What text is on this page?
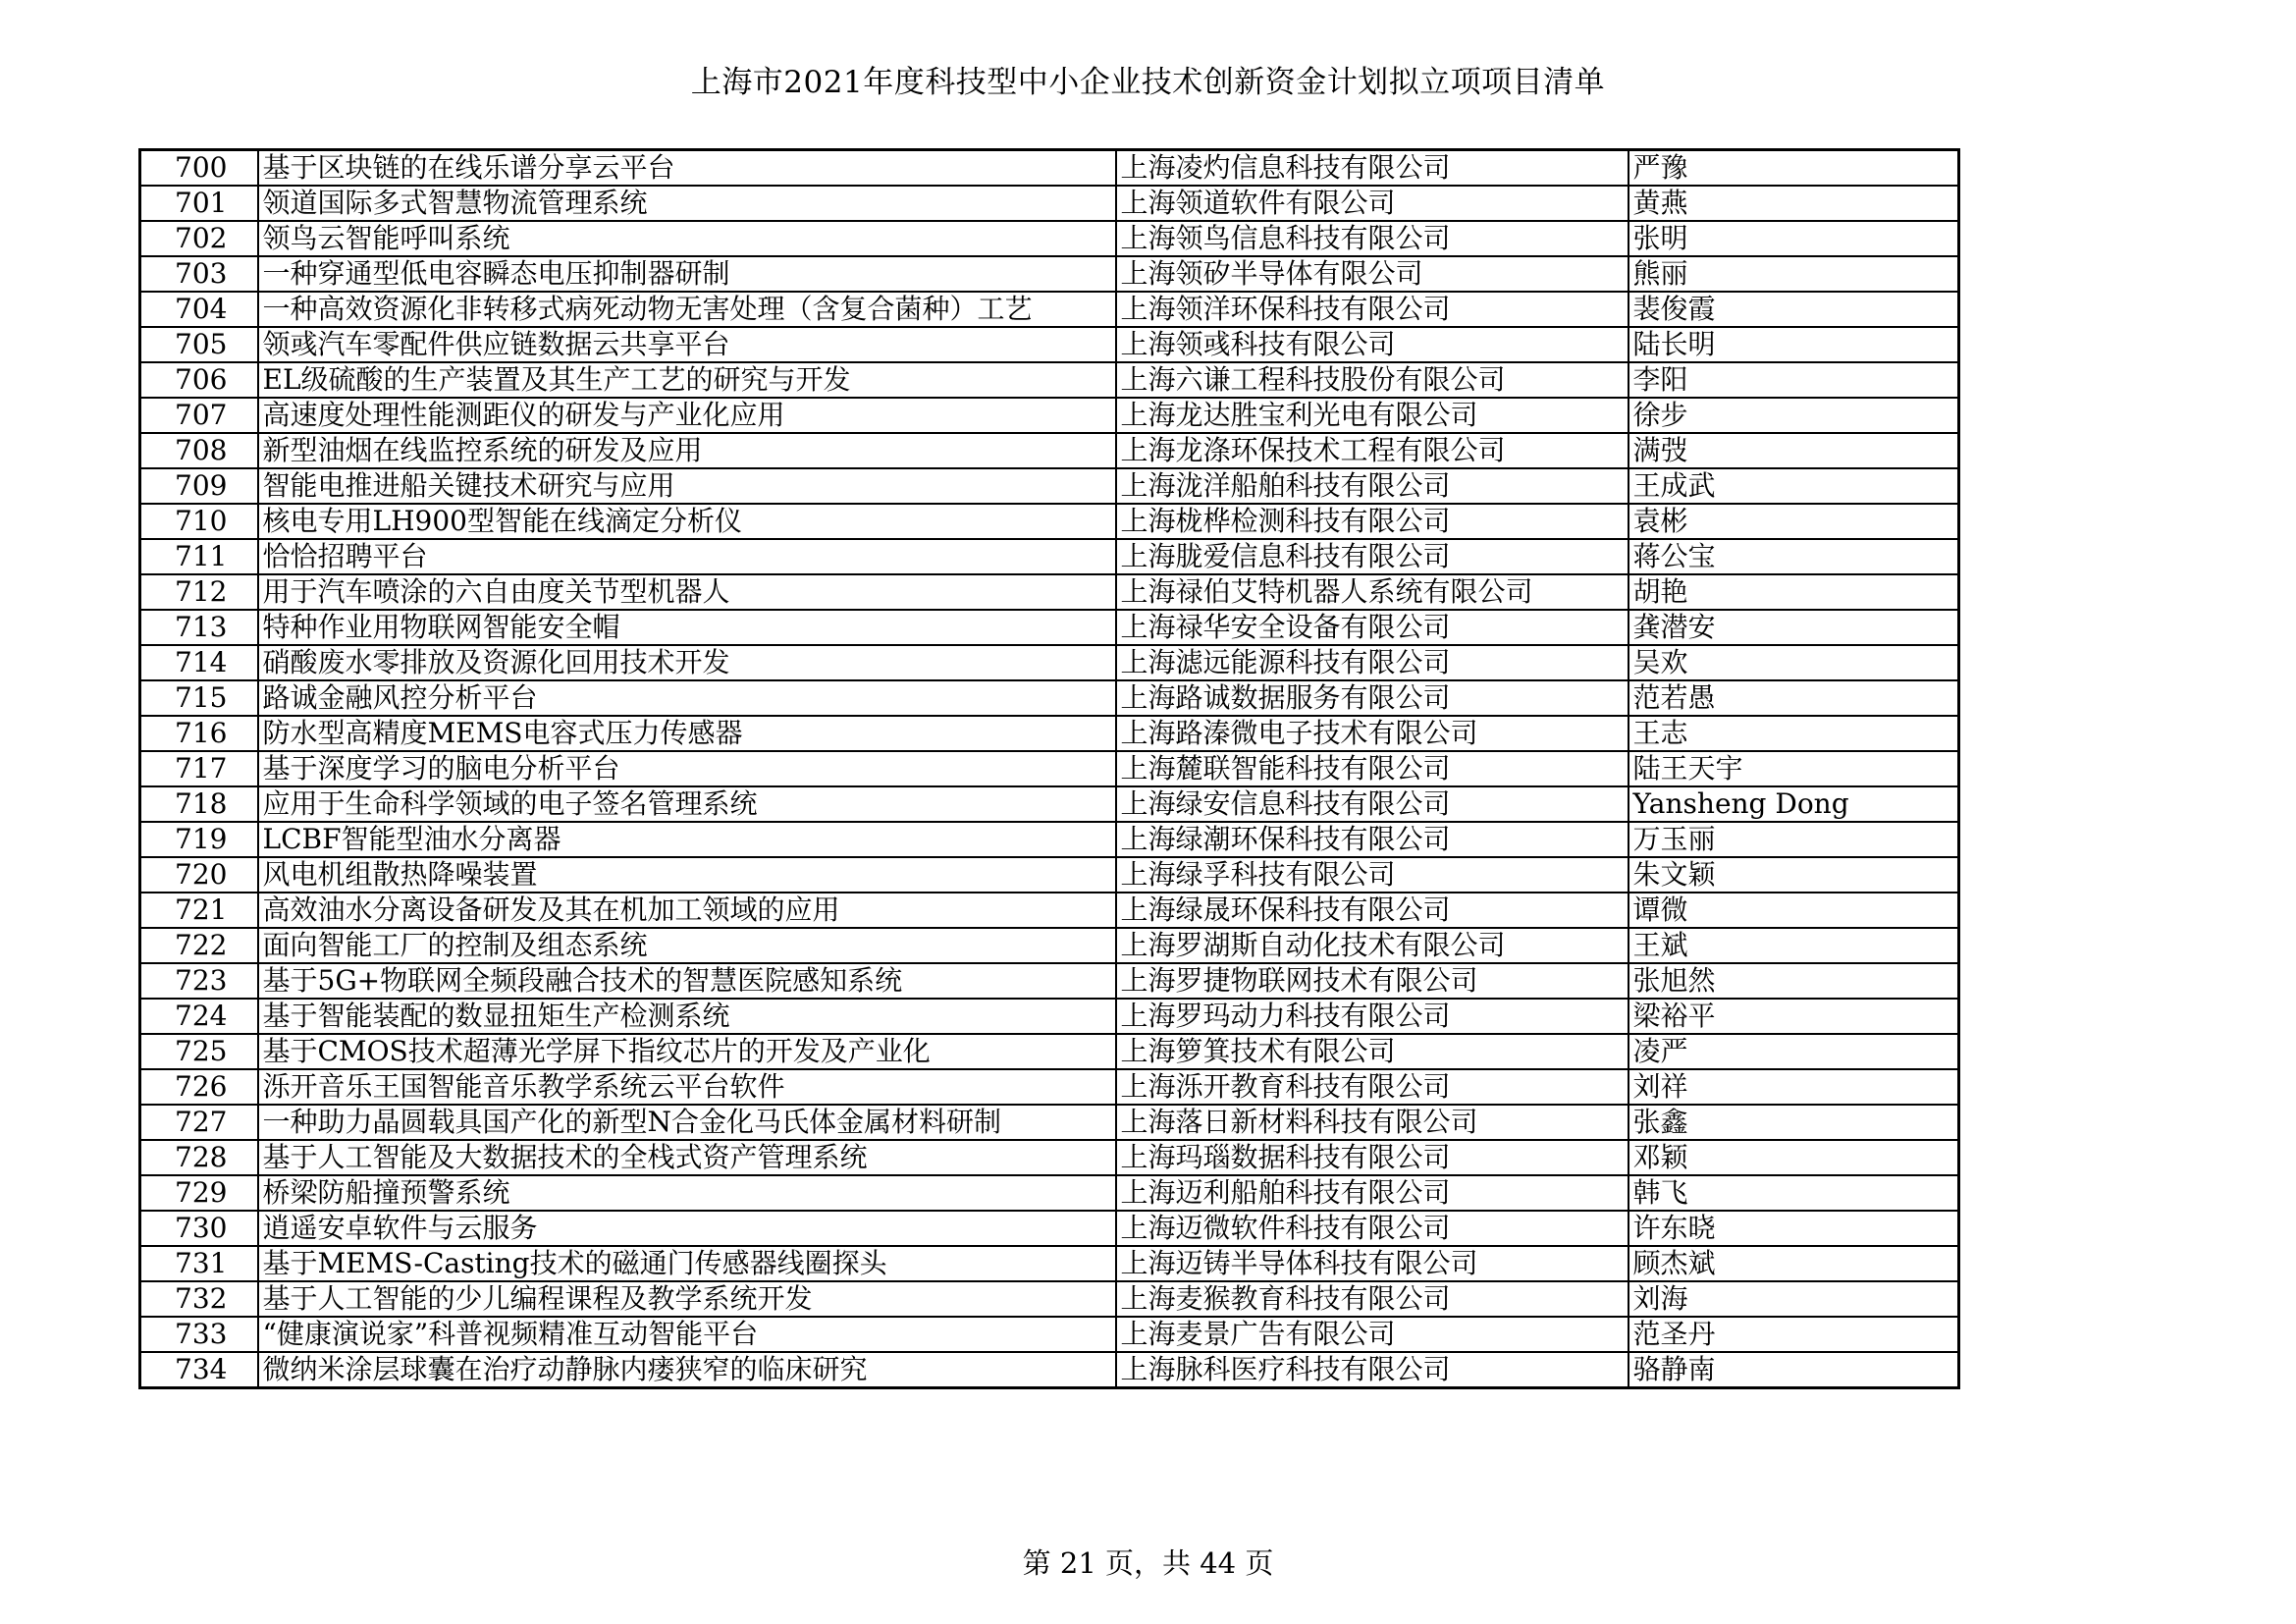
上海市2021年度科技型中小企业技术创新资金计划拟立项项目清单
700	基于区块链的在线乐谱分享云平台	上海凌灼信息科技有限公司	严豫
701	领道国际多式智慧物流管理系统	上海领道软件有限公司	黄燕
702	领鸟云智能呼叫系统	上海领鸟信息科技有限公司	张明
703	一种穿通型低电容瞬态电压抑制器研制	上海领矽半导体有限公司	熊丽
704	一种高效资源化非转移式病死动物无害处理（含复合菌种）工艺	上海领洋环保科技有限公司	裴俊霞
705	领彧汽车零配件供应链数据云共享平台	上海领彧科技有限公司	陆长明
706	EL级硫酸的生产装置及其生产工艺的研究与开发	上海六谦工程科技股份有限公司	李阳
707	高速度处理性能测距仪的研发与产业化应用	上海龙达胜宝利光电有限公司	徐步
708	新型油烟在线监控系统的研发及应用	上海龙涤环保技术工程有限公司	满弢
709	智能电推进船关键技术研究与应用	上海泷洋船舶科技有限公司	王成武
710	核电专用LH900型智能在线滴定分析仪	上海栊桦检测科技有限公司	袁彬
711	恰恰招聘平台	上海胧爱信息科技有限公司	蒋公宝
712	用于汽车喷涂的六自由度关节型机器人	上海禄伯艾特机器人系统有限公司	胡艳
713	特种作业用物联网智能安全帽	上海禄华安全设备有限公司	龚潜安
714	硝酸废水零排放及资源化回用技术开发	上海滤远能源科技有限公司	吴欢
715	路诚金融风控分析平台	上海路诚数据服务有限公司	范若愚
716	防水型高精度MEMS电容式压力传感器	上海路溱微电子技术有限公司	王志
717	基于深度学习的脑电分析平台	上海麓联智能科技有限公司	陆王天宇
718	应用于生命科学领域的电子签名管理系统	上海绿安信息科技有限公司	Yansheng Dong
719	LCBF智能型油水分离器	上海绿潮环保科技有限公司	万玉丽
720	风电机组散热降噪装置	上海绿孚科技有限公司	朱文颖
721	高效油水分离设备研发及其在机加工领域的应用	上海绿晟环保科技有限公司	谭微
722	面向智能工厂的控制及组态系统	上海罗湖斯自动化技术有限公司	王斌
723	基于5G+物联网全频段融合技术的智慧医院感知系统	上海罗捷物联网技术有限公司	张旭然
724	基于智能装配的数显扭矩生产检测系统	上海罗玛动力科技有限公司	梁裕平
725	基于CMOS技术超薄光学屏下指纹芯片的开发及产业化	上海箩箕技术有限公司	凌严
726	泺开音乐王国智能音乐教学系统云平台软件	上海泺开教育科技有限公司	刘祥
727	一种助力晶圆载具国产化的新型N合金化马氏体金属材料研制	上海落日新材料科技有限公司	张鑫
728	基于人工智能及大数据技术的全栈式资产管理系统	上海玛瑙数据科技有限公司	邓颖
729	桥梁防船撞预警系统	上海迈利船舶科技有限公司	韩飞
730	逍遥安卓软件与云服务	上海迈微软件科技有限公司	许东晓
731	基于MEMS-Casting技术的磁通门传感器线圈探头	上海迈铸半导体科技有限公司	顾杰斌
732	基于人工智能的少儿编程课程及教学系统开发	上海麦猴教育科技有限公司	刘海
733	“健康演说家”科普视频精准互动智能平台	上海麦景广告有限公司	范圣丹
734	微纳米涂层球囊在治疗动静脉内瘘狭窄的临床研究	上海脉科医疗科技有限公司	骆静南
第 21 页，共 44 页
